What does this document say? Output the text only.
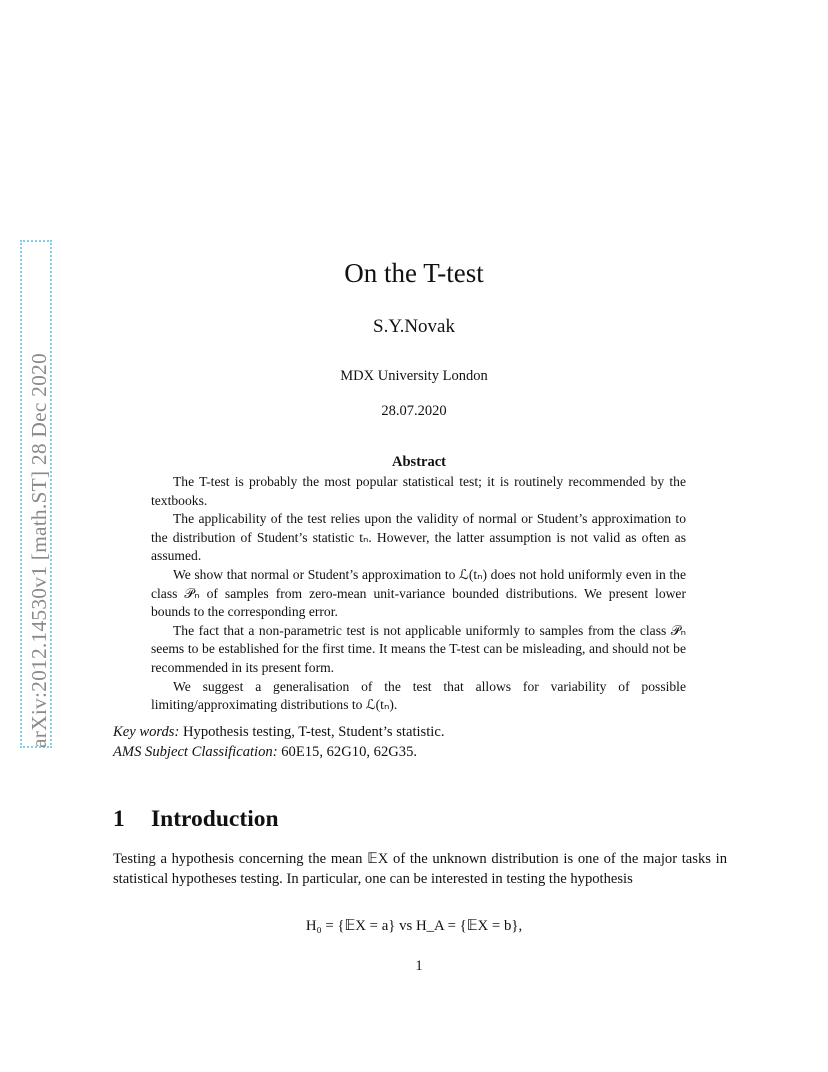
arXiv:2012.14530v1 [math.ST] 28 Dec 2020
On the T-test
S.Y.Novak
MDX University London
28.07.2020
Abstract

The T-test is probably the most popular statistical test; it is routinely recommended by the textbooks.

The applicability of the test relies upon the validity of normal or Student’s approximation to the distribution of Student’s statistic tₙ. However, the latter assumption is not valid as often as assumed.

We show that normal or Student’s approximation to ℒ(tₙ) does not hold uniformly even in the class 𝒫ₙ of samples from zero-mean unit-variance bounded distributions. We present lower bounds to the corresponding error.

The fact that a non-parametric test is not applicable uniformly to samples from the class 𝒫ₙ seems to be established for the first time. It means the T-test can be misleading, and should not be recommended in its present form.

We suggest a generalisation of the test that allows for variability of possible limiting/approximating distributions to ℒ(tₙ).

Key words: Hypothesis testing, T-test, Student’s statistic.
AMS Subject Classification: 60E15, 62G10, 62G35.
1 Introduction

Testing a hypothesis concerning the mean 𝔼X of the unknown distribution is one of the major tasks in statistical hypotheses testing. In particular, one can be interested in testing the hypothesis

H₀ = {𝔼X = a} vs H_A = {𝔼X = b},
1
